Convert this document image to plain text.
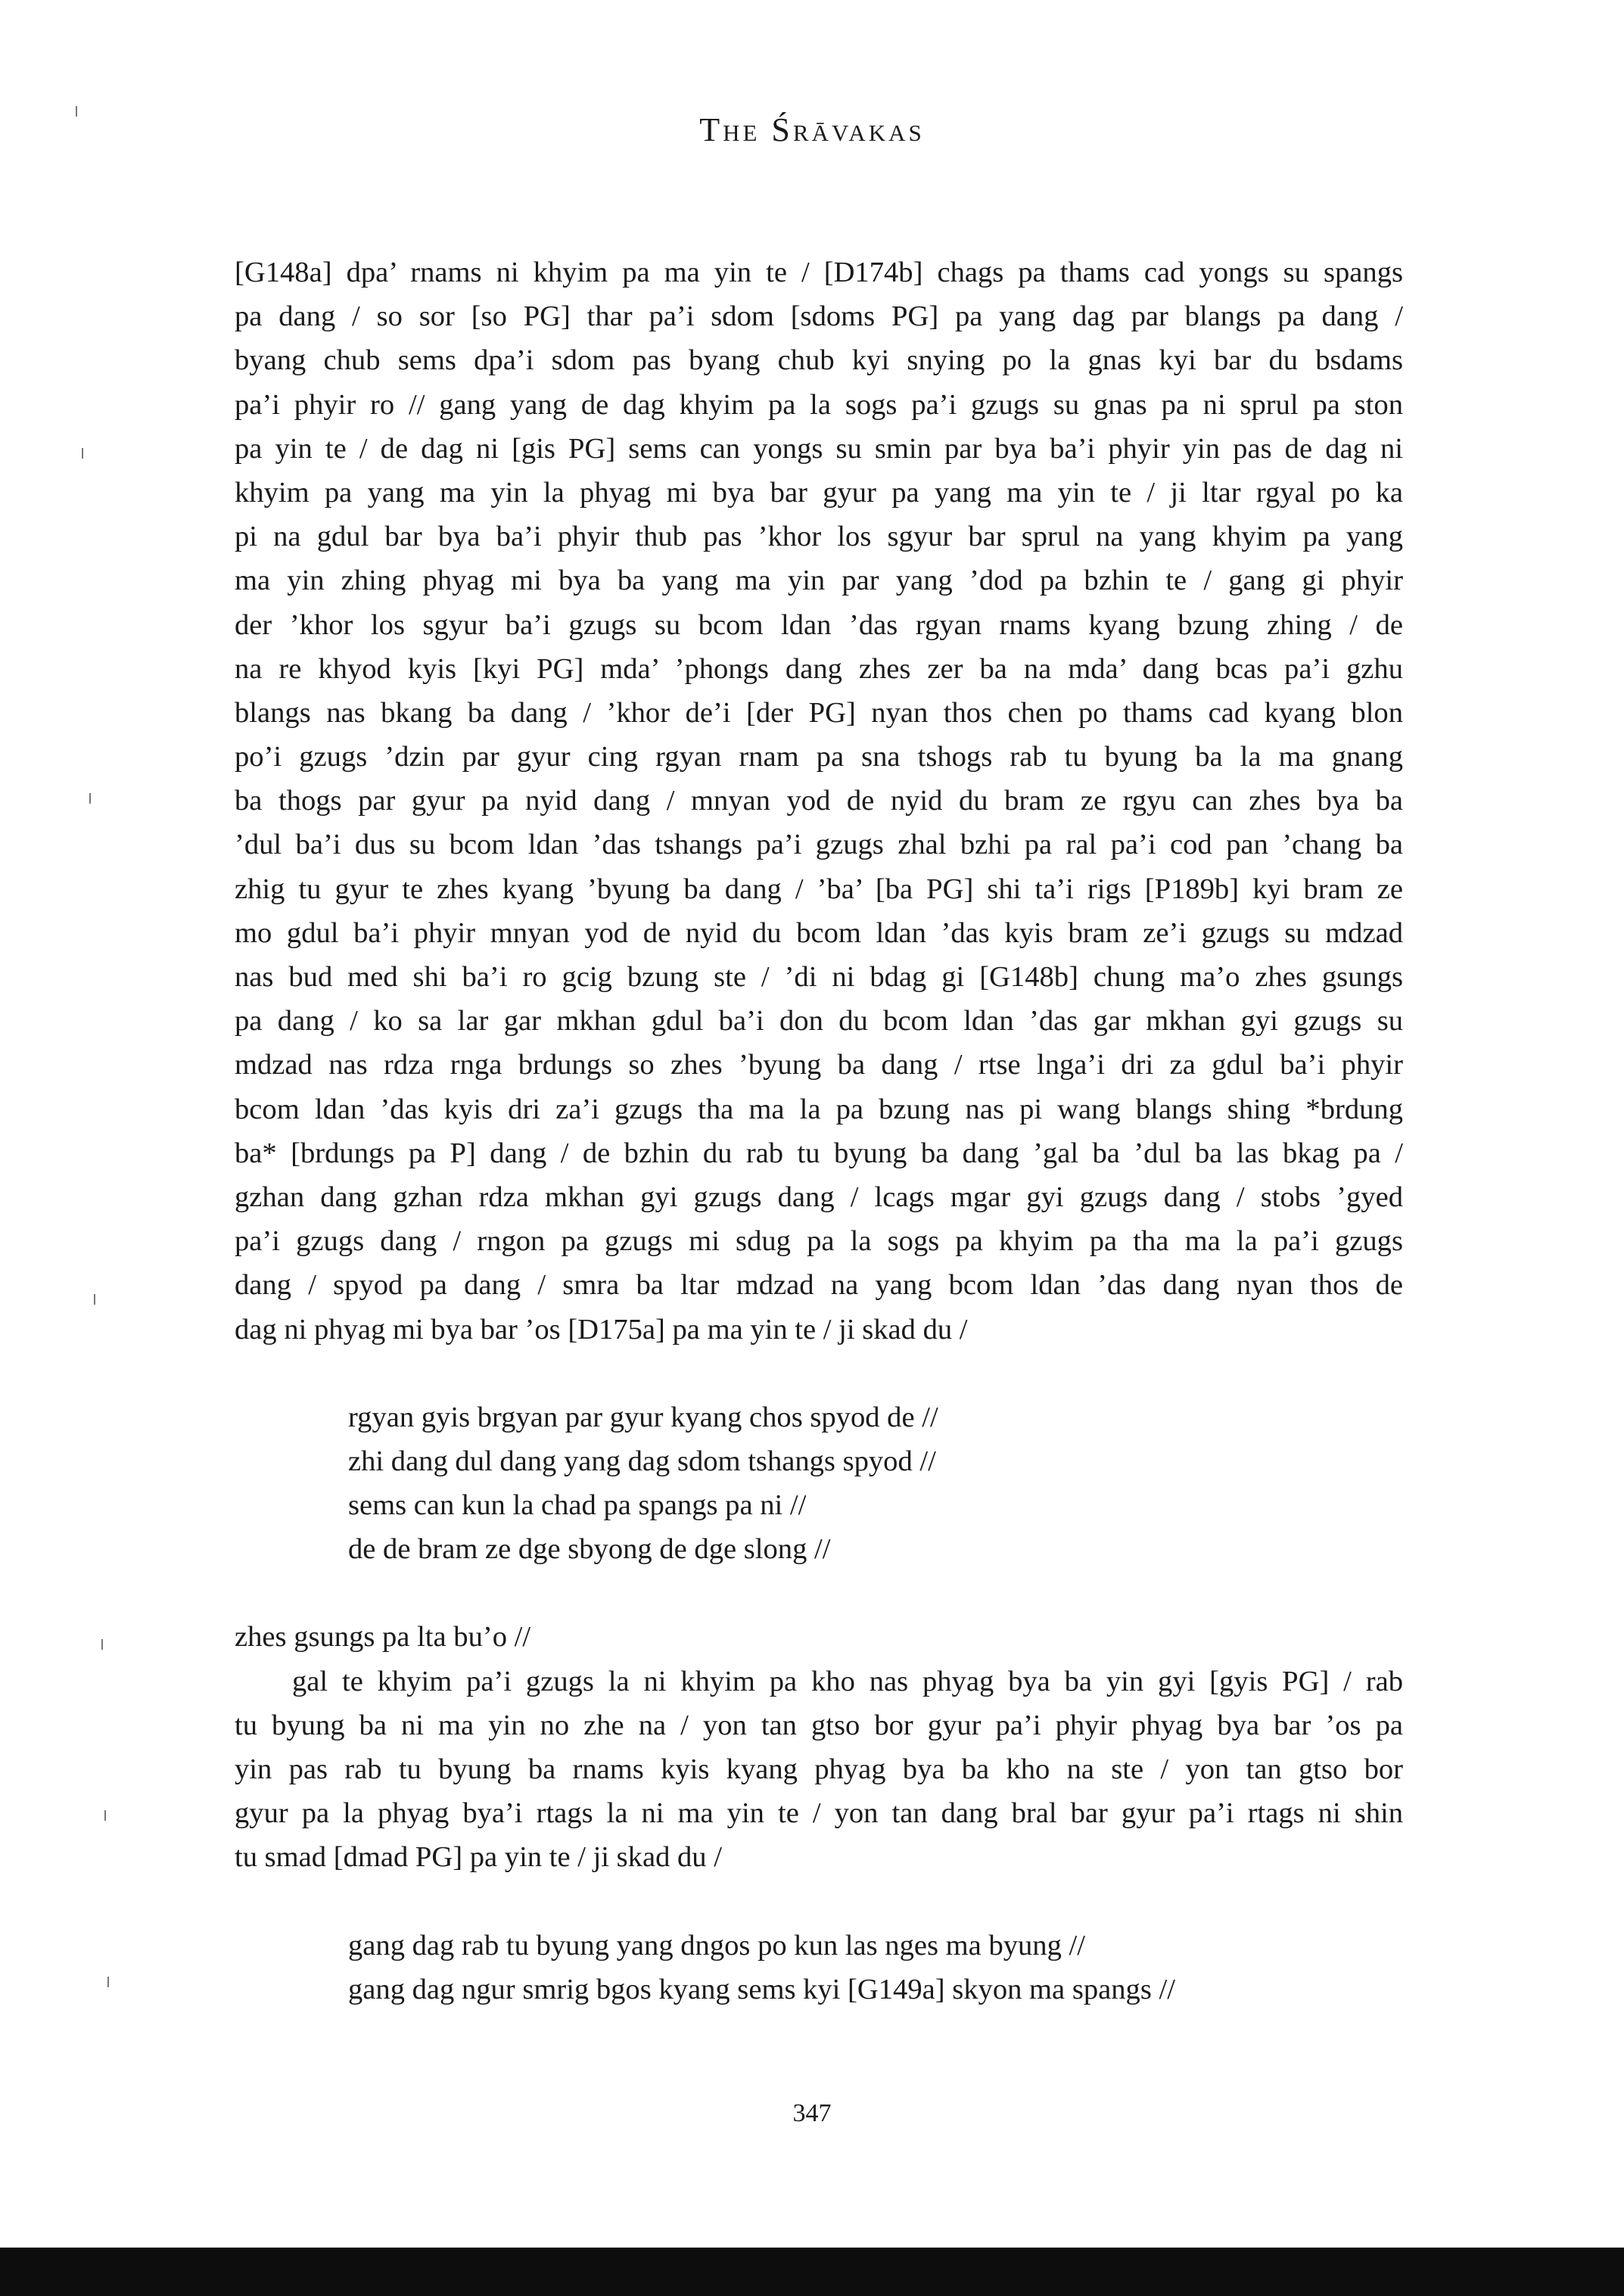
The Śrāvakas
[G148a] dpa’ rnams ni khyim pa ma yin te / [D174b] chags pa thams cad yongs su spangs
pa dang / so sor [so PG] thar pa’i sdom [sdoms PG] pa yang dag par blangs pa dang /
byang chub sems dpa’i sdom pas byang chub kyi snying po la gnas kyi bar du bsdams
pa’i phyir ro // gang yang de dag khyim pa la sogs pa’i gzugs su gnas pa ni sprul pa ston
pa yin te / de dag ni [gis PG] sems can yongs su smin par bya ba’i phyir yin pas de dag ni
khyim pa yang ma yin la phyag mi bya bar gyur pa yang ma yin te / ji ltar rgyal po ka
pi na gdul bar bya ba’i phyir thub pas ’khor los sgyur bar sprul na yang khyim pa yang
ma yin zhing phyag mi bya ba yang ma yin par yang ’dod pa bzhin te / gang gi phyir
der ’khor los sgyur ba’i gzugs su bcom ldan ’das rgyan rnams kyang bzung zhing / de
na re khyod kyis [kyi PG] mda’ ’phongs dang zhes zer ba na mda’ dang bcas pa’i gzhu
blangs nas bkang ba dang / ’khor de’i [der PG] nyan thos chen po thams cad kyang blon
po’i gzugs ’dzin par gyur cing rgyan rnam pa sna tshogs rab tu byung ba la ma gnang
ba thogs par gyur pa nyid dang / mnyan yod de nyid du bram ze rgyu can zhes bya ba
’dul ba’i dus su bcom ldan ’das tshangs pa’i gzugs zhal bzhi pa ral pa’i cod pan ’chang ba
zhig tu gyur te zhes kyang ’byung ba dang / ’ba’ [ba PG] shi ta’i rigs [P189b] kyi bram ze
mo gdul ba’i phyir mnyan yod de nyid du bcom ldan ’das kyis bram ze’i gzugs su mdzad
nas bud med shi ba’i ro gcig bzung ste / ’di ni bdag gi [G148b] chung ma’o zhes gsungs
pa dang / ko sa lar gar mkhan gdul ba’i don du bcom ldan ’das gar mkhan gyi gzugs su
mdzad nas rdza rnga brdungs so zhes ’byung ba dang / rtse lnga’i dri za gdul ba’i phyir
bcom ldan ’das kyis dri za’i gzugs tha ma la pa bzung nas pi wang blangs shing *brdung
ba* [brdungs pa P] dang / de bzhin du rab tu byung ba dang ’gal ba ’dul ba las bkag pa /
gzhan dang gzhan rdza mkhan gyi gzugs dang / lcags mgar gyi gzugs dang / stobs ’gyed
pa’i gzugs dang / rngon pa gzugs mi sdug pa la sogs pa khyim pa tha ma la pa’i gzugs
dang / spyod pa dang / smra ba ltar mdzad na yang bcom ldan ’das dang nyan thos de
dag ni phyag mi bya bar ’os [D175a] pa ma yin te / ji skad du /
rgyan gyis brgyan par gyur kyang chos spyod de //
zhi dang dul dang yang dag sdom tshangs spyod //
sems can kun la chad pa spangs pa ni //
de de bram ze dge sbyong de dge slong //
zhes gsungs pa lta bu’o //
gal te khyim pa’i gzugs la ni khyim pa kho nas phyag bya ba yin gyi [gyis PG] / rab
tu byung ba ni ma yin no zhe na / yon tan gtso bor gyur pa’i phyir phyag bya bar ’os pa
yin pas rab tu byung ba rnams kyis kyang phyag bya ba kho na ste / yon tan gtso bor
gyur pa la phyag bya’i rtags la ni ma yin te / yon tan dang bral bar gyur pa’i rtags ni shin
tu smad [dmad PG] pa yin te / ji skad du /
gang dag rab tu byung yang dngos po kun las nges ma byung //
gang dag ngur smrig bgos kyang sems kyi [G149a] skyon ma spangs //
347
